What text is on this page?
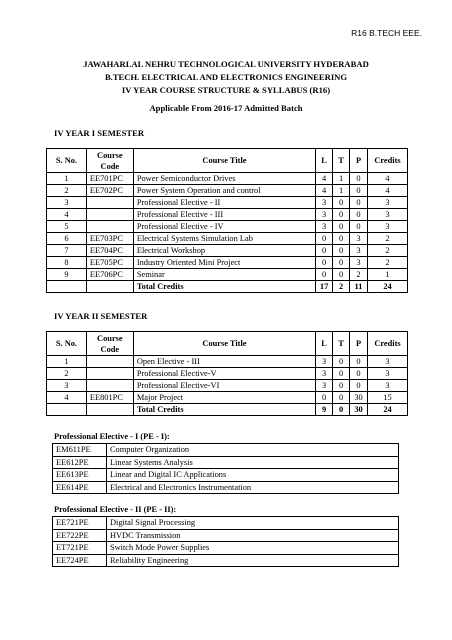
R16 B.TECH EEE.
JAWAHARLAL NEHRU TECHNOLOGICAL UNIVERSITY HYDERABAD
B.TECH. ELECTRICAL AND ELECTRONICS ENGINEERING
IV YEAR COURSE STRUCTURE & SYLLABUS (R16)
Applicable From 2016-17 Admitted Batch
IV YEAR I SEMESTER
S. No.	Course Code	Course Title	L	T	P	Credits
1	EE701PC	Power Semiconductor Drives	4	1	0	4
2	EE702PC	Power System Operation and control	4	1	0	4
3		Professional Elective - II	3	0	0	3
4		Professional Elective - III	3	0	0	3
5		Professional Elective - IV	3	0	0	3
6	EE703PC	Electrical Systems Simulation Lab	0	0	3	2
7	EE704PC	Electrical Workshop	0	0	3	2
8	EE705PC	Industry Oriented Mini Project	0	0	3	2
9	EE706PC	Seminar	0	0	2	1
		Total Credits	17	2	11	24
IV YEAR II SEMESTER
S. No.	Course Code	Course Title	L	T	P	Credits
1		Open Elective - III	3	0	0	3
2		Professional Elective-V	3	0	0	3
3		Professional Elective-VI	3	0	0	3
4	EE801PC	Major Project	0	0	30	15
		Total Credits	9	0	30	24
Professional Elective - I (PE - I):
EM611PE	Computer Organization
EE612PE	Linear Systems Analysis
EE613PE	Linear and Digital IC Applications
EE614PE	Electrical and Electronics Instrumentation
Professional Elective - II (PE - II):
EE721PE	Digital Signal Processing
EE722PE	HVDC Transmission
ET721PE	Switch Mode Power Supplies
EE724PE	Reliability Engineering
